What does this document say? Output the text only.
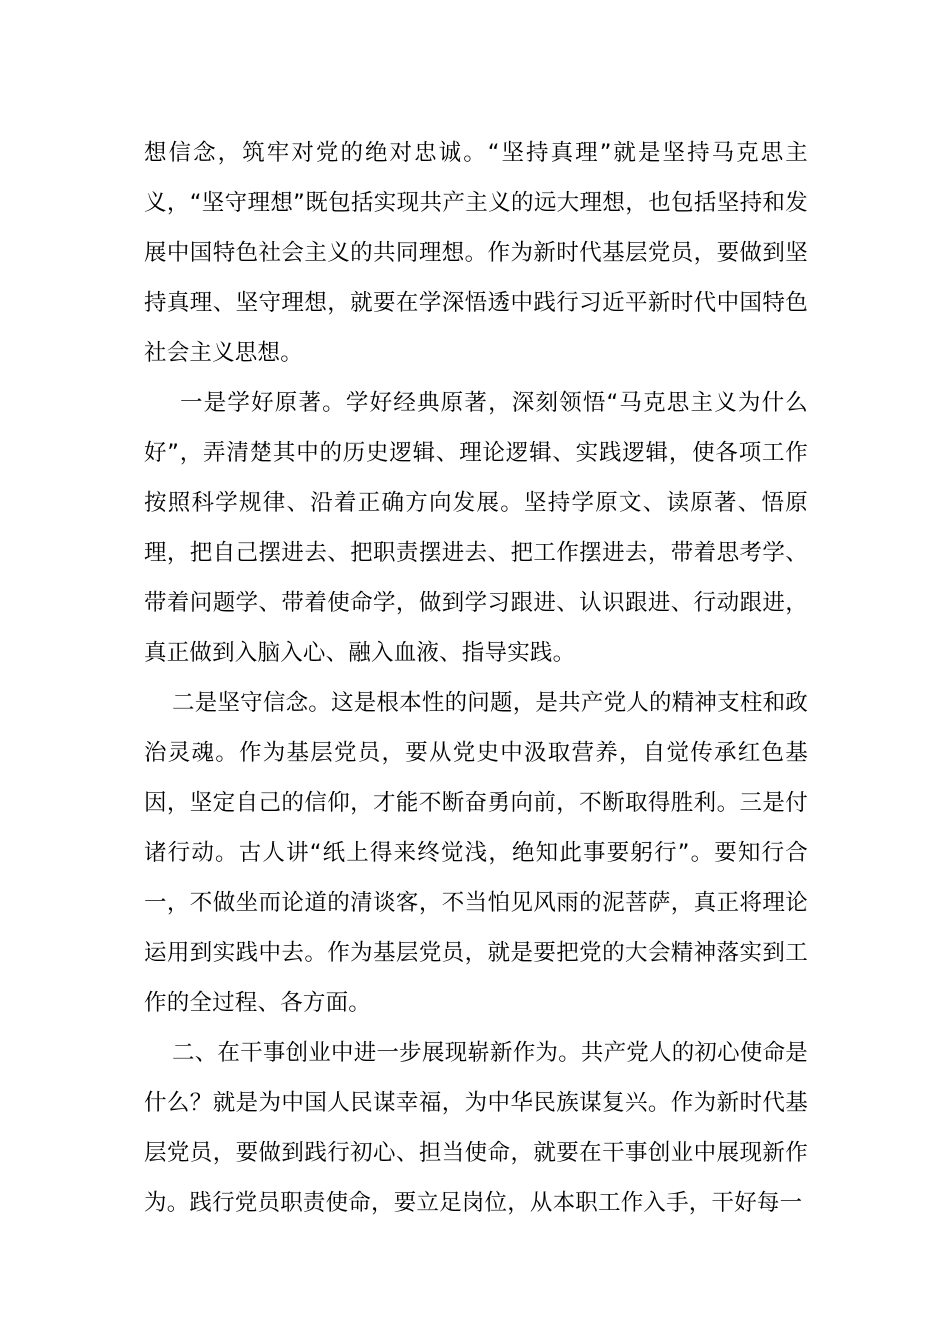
想信念，筑牢对党的绝对忠诚。“坚持真理”就是坚持马克思主义，“坚守理想”既包括实现共产主义的远大理想，也包括坚持和发展中国特色社会主义的共同理想。作为新时代基层党员，要做到坚持真理、坚守理想，就要在学深悟透中践行习近平新时代中国特色社会主义思想。

一是学好原著。学好经典原著，深刻领悟“马克思主义为什么好”，弄清楚其中的历史逻辑、理论逻辑、实践逻辑，使各项工作按照科学规律、沿着正确方向发展。坚持学原文、读原著、悟原理，把自己摆进去、把职责摆进去、把工作摆进去，带着思考学、带着问题学、带着使命学，做到学习跟进、认识跟进、行动跟进，真正做到入脑入心、融入血液、指导实践。

二是坚守信念。这是根本性的问题，是共产党人的精神支柱和政治灵魂。作为基层党员，要从党史中汲取营养，自觉传承红色基因，坚定自己的信仰，才能不断奋勇向前，不断取得胜利。三是付诸行动。古人讲“纸上得来终觉浅，绝知此事要躬行”。要知行合一，不做坐而论道的清谈客，不当怕见风雨的泥菩萨，真正将理论运用到实践中去。作为基层党员，就是要把党的大会精神落实到工作的全过程、各方面。

二、在干事创业中进一步展现崭新作为。共产党人的初心使命是什么？就是为中国人民谋幸福，为中华民族谋复兴。作为新时代基层党员，要做到践行初心、担当使命，就要在干事创业中展现新作为。践行党员职责使命，要立足岗位，从本职工作入手，干好每一
